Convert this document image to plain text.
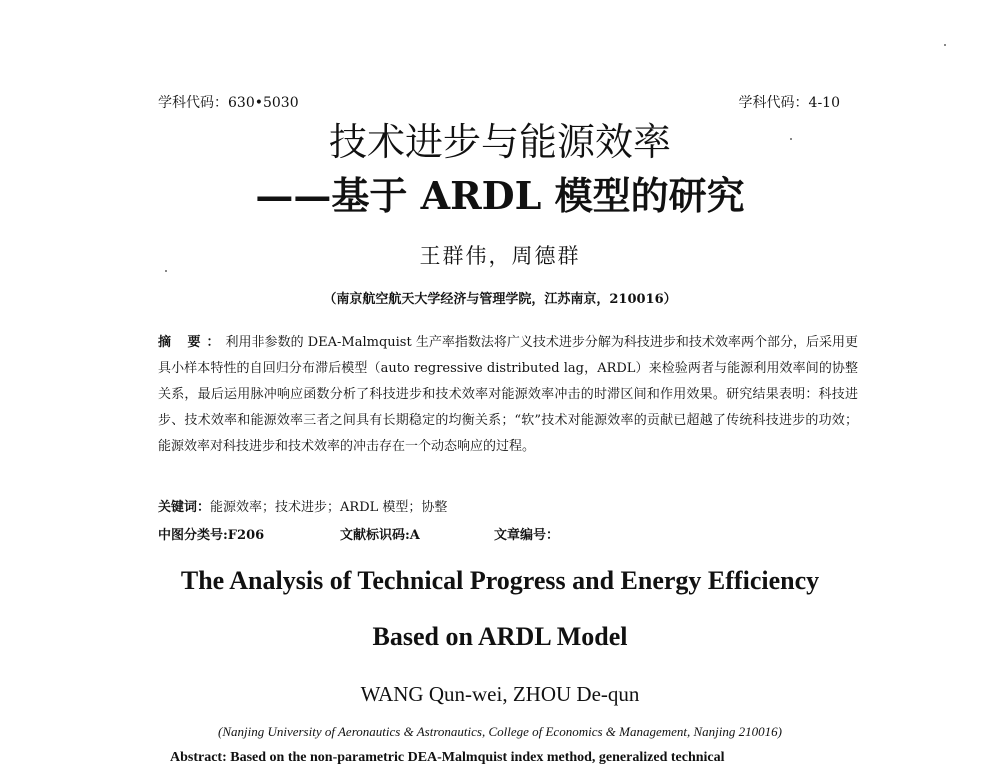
学科代码：630•5030	学科代码：4-10
技术进步与能源效率
——基于 ARDL 模型的研究
王群伟，周德群
（南京航空航天大学经济与管理学院，江苏南京，210016）
摘 要：利用非参数的 DEA-Malmquist 生产率指数法将广义技术进步分解为科技进步和技术效率两个部分，后采用更具小样本特性的自回归分布滞后模型（auto regressive distributed lag，ARDL）来检验两者与能源利用效率间的协整关系，最后运用脉冲响应函数分析了科技进步和技术效率对能源效率冲击的时滞区间和作用效果。研究结果表明：科技进步、技术效率和能源效率三者之间具有长期稳定的均衡关系；“软”技术对能源效率的贡献已超越了传统科技进步的功效；能源效率对科技进步和技术效率的冲击存在一个动态响应的过程。
关键词：能源效率；技术进步；ARDL 模型；协整
中图分类号:F206	文献标识码:A	文章编号：
The Analysis of Technical Progress and Energy Efficiency
Based on ARDL Model
WANG Qun-wei, ZHOU De-qun
(Nanjing University of Aeronautics & Astronautics, College of Economics & Management, Nanjing 210016)
Abstract: Based on the non-parametric DEA-Malmquist index method, generalized technical
